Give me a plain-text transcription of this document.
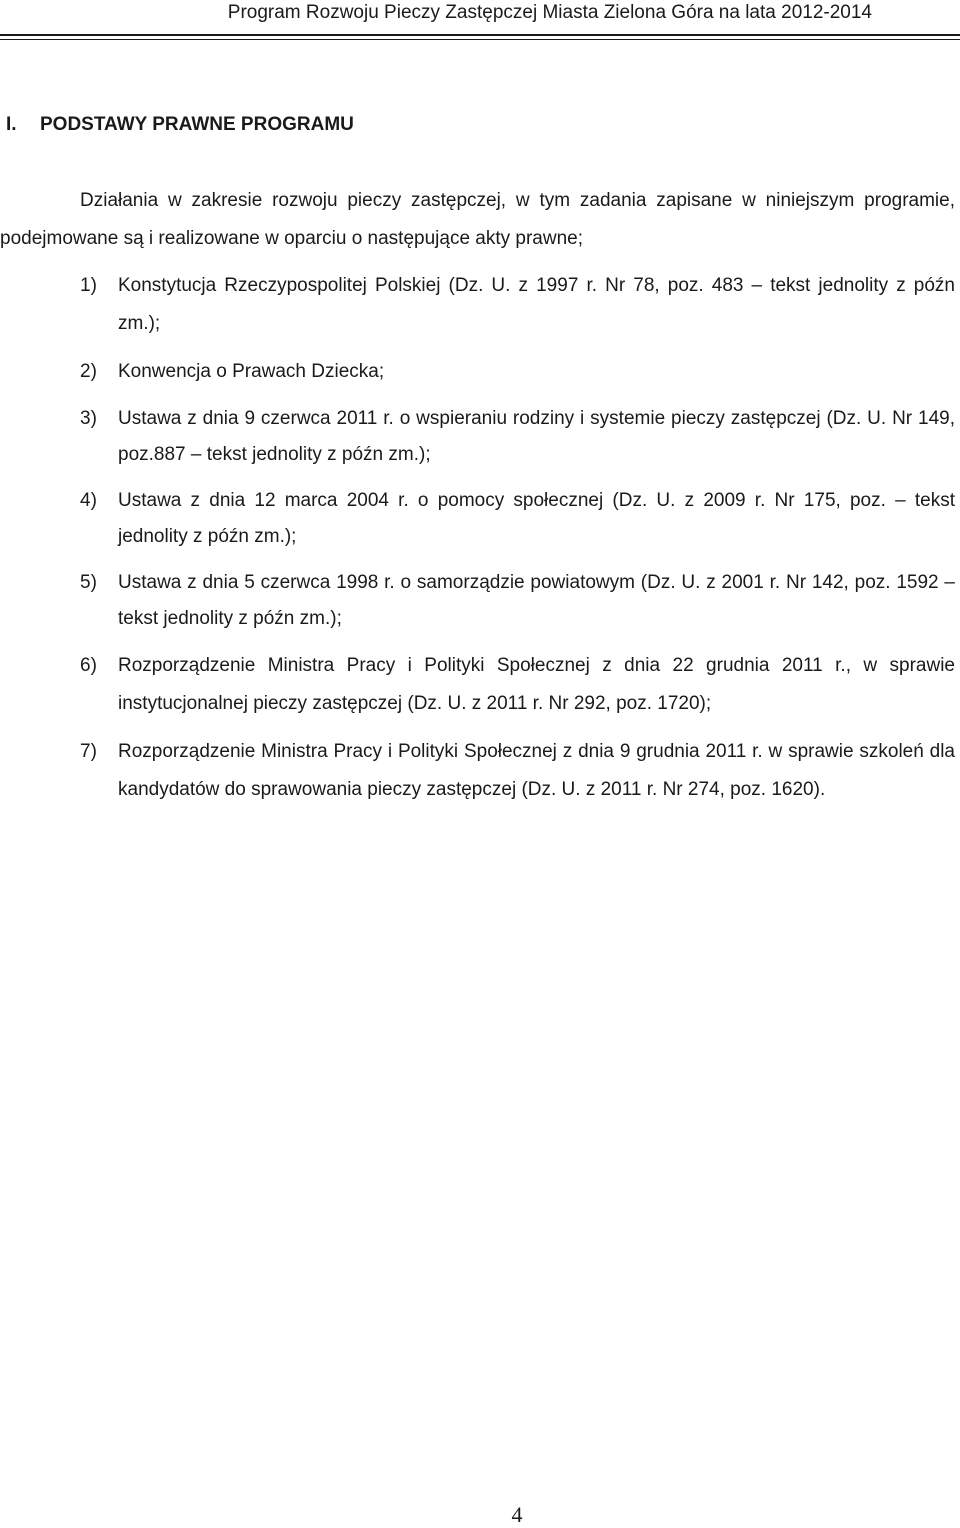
Program Rozwoju Pieczy Zastępczej Miasta Zielona Góra na lata 2012-2014
I. PODSTAWY PRAWNE PROGRAMU
Działania w zakresie rozwoju pieczy zastępczej, w tym zadania zapisane w niniejszym programie, podejmowane są i realizowane w oparciu o następujące akty prawne;
1) Konstytucja Rzeczypospolitej Polskiej (Dz. U. z 1997 r. Nr 78, poz. 483 – tekst jednolity z późn zm.);
2) Konwencja o Prawach Dziecka;
3) Ustawa z dnia 9 czerwca 2011 r. o wspieraniu rodziny i systemie pieczy zastępczej (Dz. U. Nr 149, poz.887 – tekst jednolity z późn zm.);
4) Ustawa z dnia 12 marca 2004 r. o pomocy społecznej (Dz. U. z 2009 r. Nr 175, poz. – tekst jednolity z późn zm.);
5) Ustawa z dnia 5 czerwca 1998 r. o samorządzie powiatowym (Dz. U. z 2001 r. Nr 142, poz. 1592 – tekst jednolity z późn zm.);
6) Rozporządzenie Ministra Pracy i Polityki Społecznej z dnia 22 grudnia 2011 r., w sprawie instytucjonalnej pieczy zastępczej (Dz. U. z 2011 r. Nr 292, poz. 1720);
7) Rozporządzenie Ministra Pracy i Polityki Społecznej z dnia 9 grudnia 2011 r. w sprawie szkoleń dla kandydatów do sprawowania pieczy zastępczej (Dz. U. z 2011 r. Nr 274, poz. 1620).
4
